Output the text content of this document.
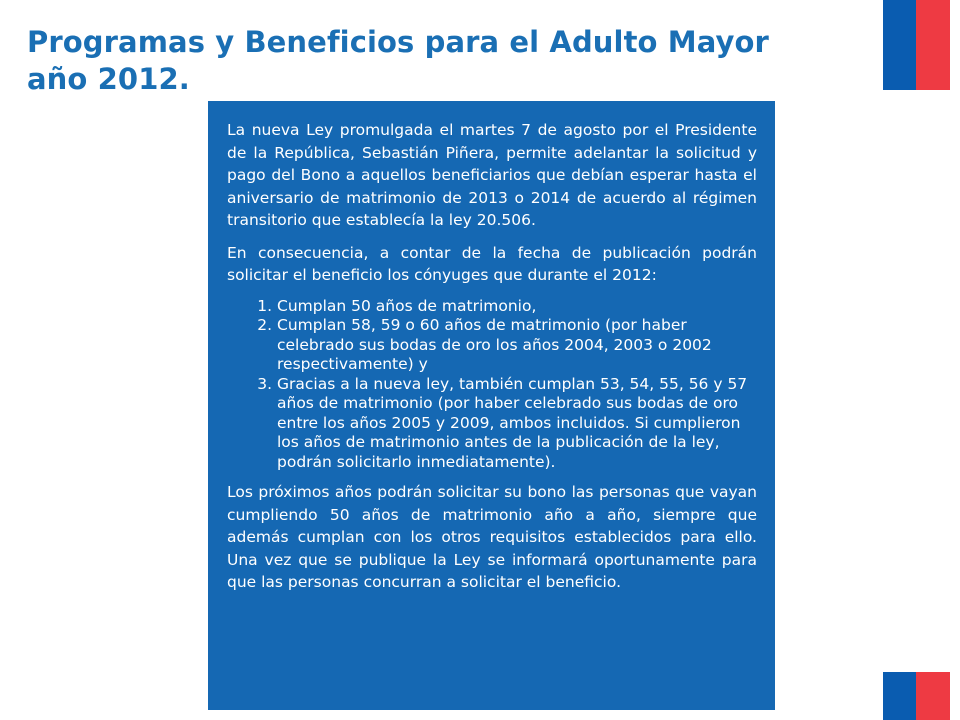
Programas y Beneficios para el Adulto Mayor
año 2012.

La nueva Ley promulgada el martes 7 de agosto por el Presidente de la República, Sebastián Piñera, permite adelantar la solicitud y pago del Bono a aquellos beneficiarios que debían esperar hasta el aniversario de matrimonio de 2013 o 2014 de acuerdo al régimen transitorio que establecía la ley 20.506.

En consecuencia, a contar de la fecha de publicación podrán solicitar el beneficio los cónyuges que durante el 2012:

1. Cumplan 50 años de matrimonio,
2. Cumplan 58, 59 o 60 años de matrimonio (por haber celebrado sus bodas de oro los años 2004, 2003 o 2002 respectivamente) y
3. Gracias a la nueva ley, también cumplan 53, 54, 55, 56 y 57 años de matrimonio (por haber celebrado sus bodas de oro entre los años 2005 y 2009, ambos incluidos. Si cumplieron los años de matrimonio antes de la publicación de la ley, podrán solicitarlo inmediatamente).

Los próximos años podrán solicitar su bono las personas que vayan cumpliendo 50 años de matrimonio año a año, siempre que además cumplan con los otros requisitos establecidos para ello. Una vez que se publique la Ley se informará oportunamente para que las personas concurran a solicitar el beneficio.
